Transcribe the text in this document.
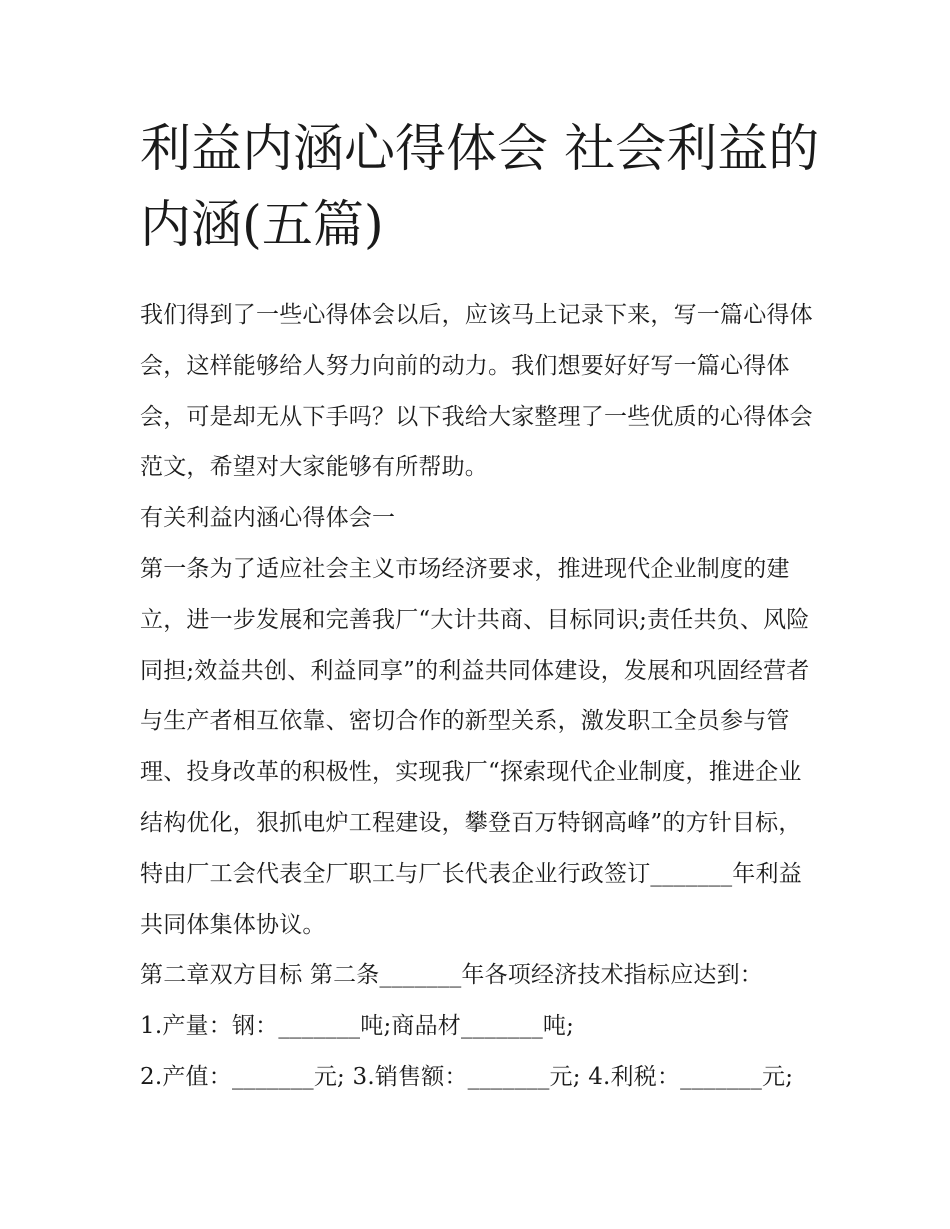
利益内涵心得体会 社会利益的内涵(五篇)

我们得到了一些心得体会以后，应该马上记录下来，写一篇心得体会，这样能够给人努力向前的动力。我们想要好好写一篇心得体会，可是却无从下手吗？以下我给大家整理了一些优质的心得体会范文，希望对大家能够有所帮助。

有关利益内涵心得体会一

第一条为了适应社会主义市场经济要求，推进现代企业制度的建立，进一步发展和完善我厂“大计共商、目标同识;责任共负、风险同担;效益共创、利益同享”的利益共同体建设，发展和巩固经营者与生产者相互依靠、密切合作的新型关系，激发职工全员参与管理、投身改革的积极性，实现我厂“探索现代企业制度，推进企业结构优化，狠抓电炉工程建设，攀登百万特钢高峰”的方针目标，特由厂工会代表全厂职工与厂长代表企业行政签订_______年利益共同体集体协议。

第二章双方目标 第二条_______年各项经济技术指标应达到：

1.产量：钢：_______吨;商品材_______吨;

2.产值：_______元; 3.销售额：_______元; 4.利税：_______元;
